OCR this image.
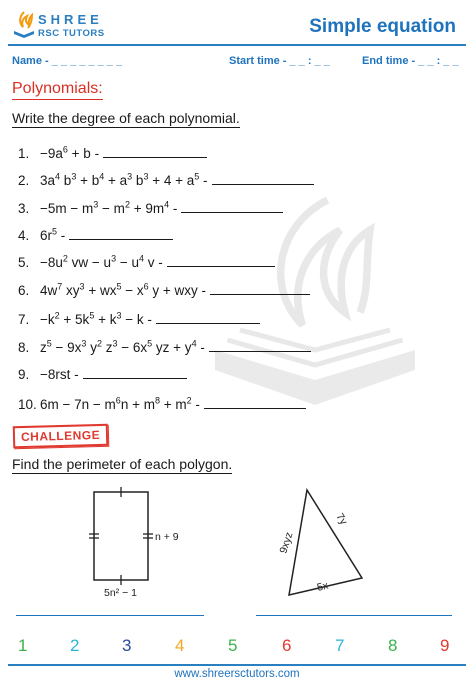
SHREE
RSC TUTORS	Simple equation
Name - _ _ _ _ _ _ _ _	Start time - _ _ : _ _	End time - _ _ : _ _
Polynomials:
Write the degree of each polynomial.
1. $-9a^6 + b$ -
2. $3a^4$ $b^3 + b^4 + a^3$ $b^3 + 4 + a^5$ -
3. $-5m - m^3 - m^2 + 9m^4$ -
4. $6r^5$ -
5. $-8u^2$ vw − $u^3 - u^4$ v -
6. $4w^7$ $xy^3 + wx^5 - x^6$ y + wxy -
7. $-k^2 + 5k^5 + k^3 - k$ -
8. $z^5 - 9x^3$ $y^2$ $z^3 - 6x^5$ yz + $y^4$ -
9. −8rst -
10. $6m - 7n - m^6n + m^8 + m^2$ -
CHALLENGE
Find the perimeter of each polygon.
n + 9
5n² − 1
9xyz
7y
5x
1	2	3	4	5	6	7	8	9
www.shreersctutors.com
